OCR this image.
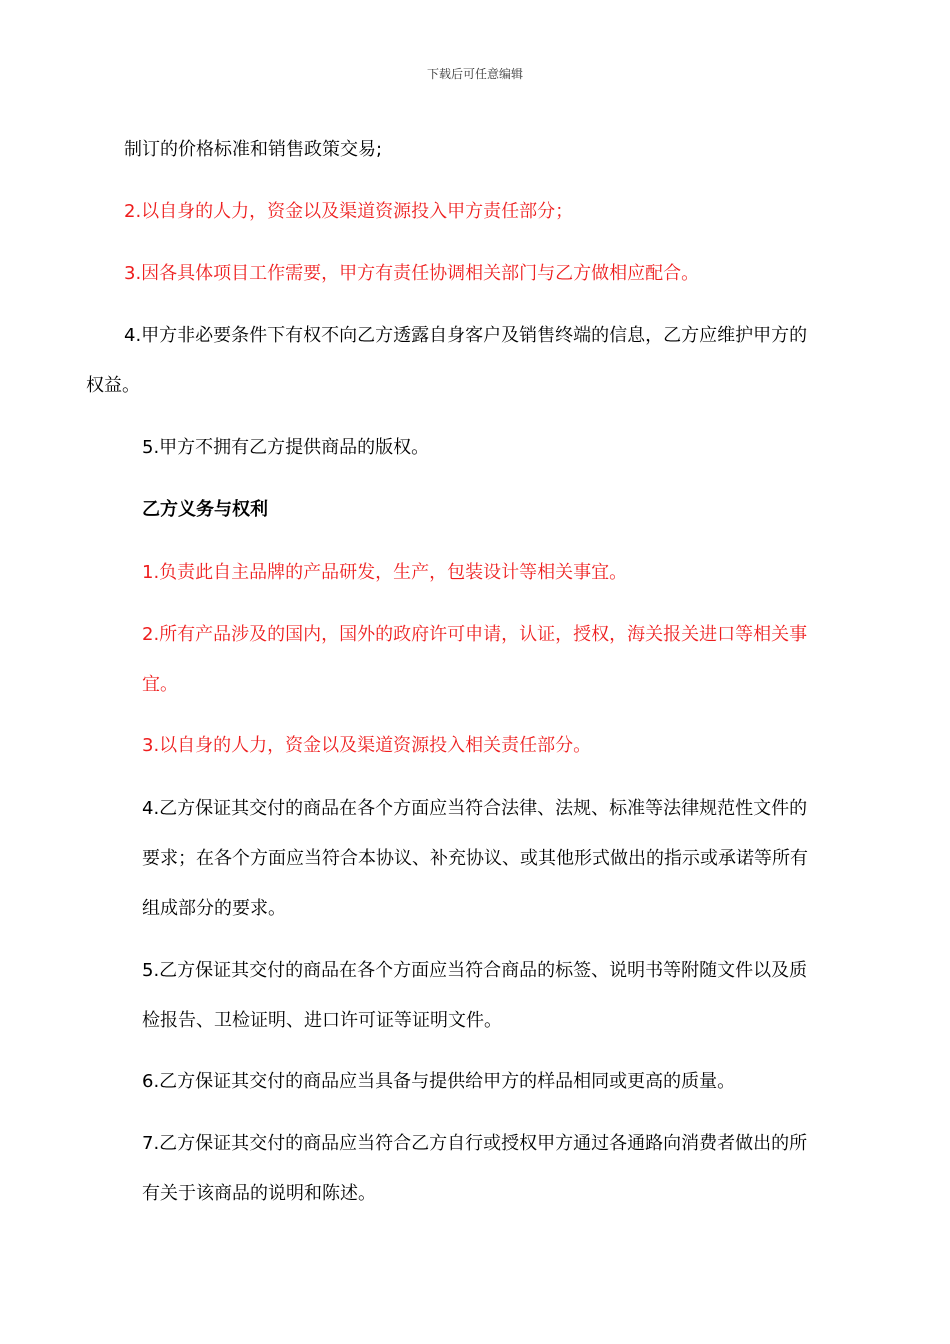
下载后可任意编辑
制订的价格标准和销售政策交易;
2.以自身的人力，资金以及渠道资源投入甲方责任部分；
3.因各具体项目工作需要，甲方有责任协调相关部门与乙方做相应配合。
4.甲方非必要条件下有权不向乙方透露自身客户及销售终端的信息，乙方应维护甲方的
权益。
5.甲方不拥有乙方提供商品的版权。
乙方义务与权利
1.负责此自主品牌的产品研发，生产，包装设计等相关事宜。
2.所有产品涉及的国内，国外的政府许可申请，认证，授权，海关报关进口等相关事
宜。
3.以自身的人力，资金以及渠道资源投入相关责任部分。
4.乙方保证其交付的商品在各个方面应当符合法律、法规、标准等法律规范性文件的
要求；在各个方面应当符合本协议、补充协议、或其他形式做出的指示或承诺等所有
组成部分的要求。
5.乙方保证其交付的商品在各个方面应当符合商品的标签、说明书等附随文件以及质
检报告、卫检证明、进口许可证等证明文件。
6.乙方保证其交付的商品应当具备与提供给甲方的样品相同或更高的质量。
7.乙方保证其交付的商品应当符合乙方自行或授权甲方通过各通路向消费者做出的所
有关于该商品的说明和陈述。
